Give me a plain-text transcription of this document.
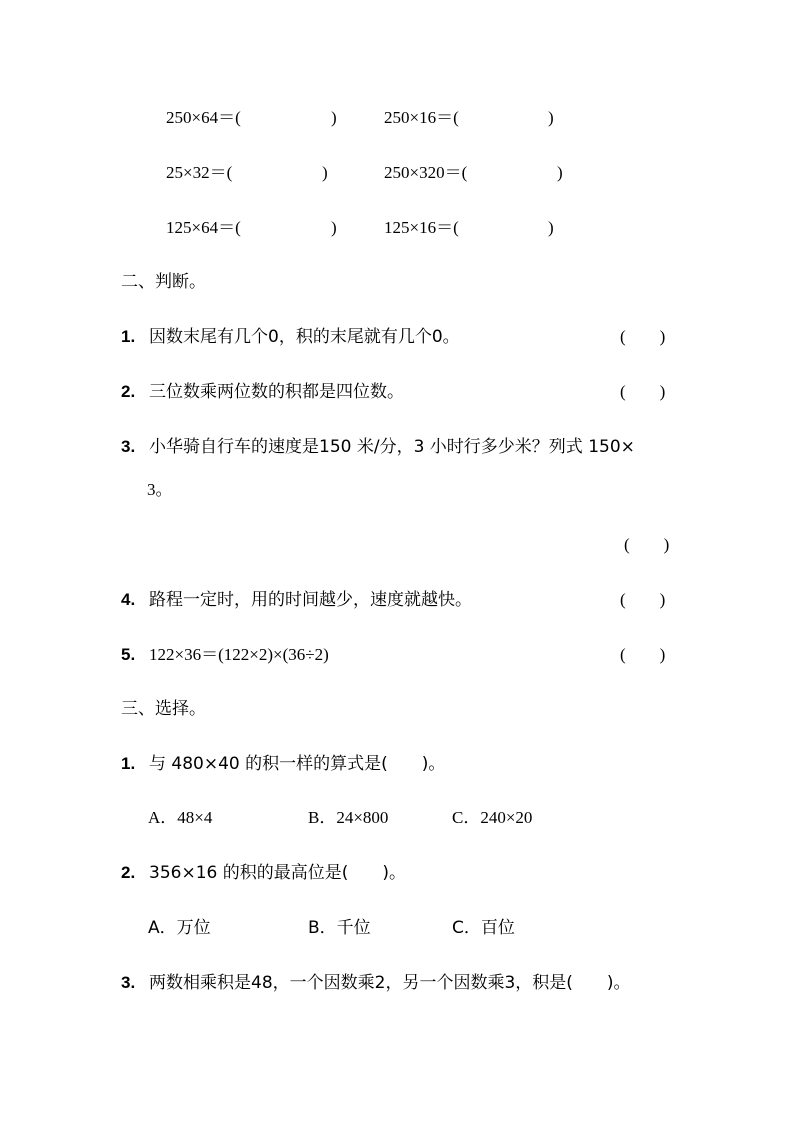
250×64＝(	)	250×16＝(	)
25×32＝(	)	250×320＝(	)
125×64＝(	)	125×16＝(	)
二、判断。
1. 因数末尾有几个0，积的末尾就有几个0。	(　　)
2. 三位数乘两位数的积都是四位数。	(　　)
3. 小华骑自行车的速度是150 米/分，3 小时行多少米？列式 150×
3。
(　　)
4. 路程一定时，用的时间越少，速度就越快。	(　　)
5. 122×36＝(122×2)×(36÷2)	(　　)
三、选择。
1. 与 480×40 的积一样的算式是(　　)。
A．48×4	B．24×800	C．240×20
2. 356×16 的积的最高位是(　　)。
A．万位	B．千位	C．百位
3. 两数相乘积是48，一个因数乘2，另一个因数乘3，积是(　　)。
